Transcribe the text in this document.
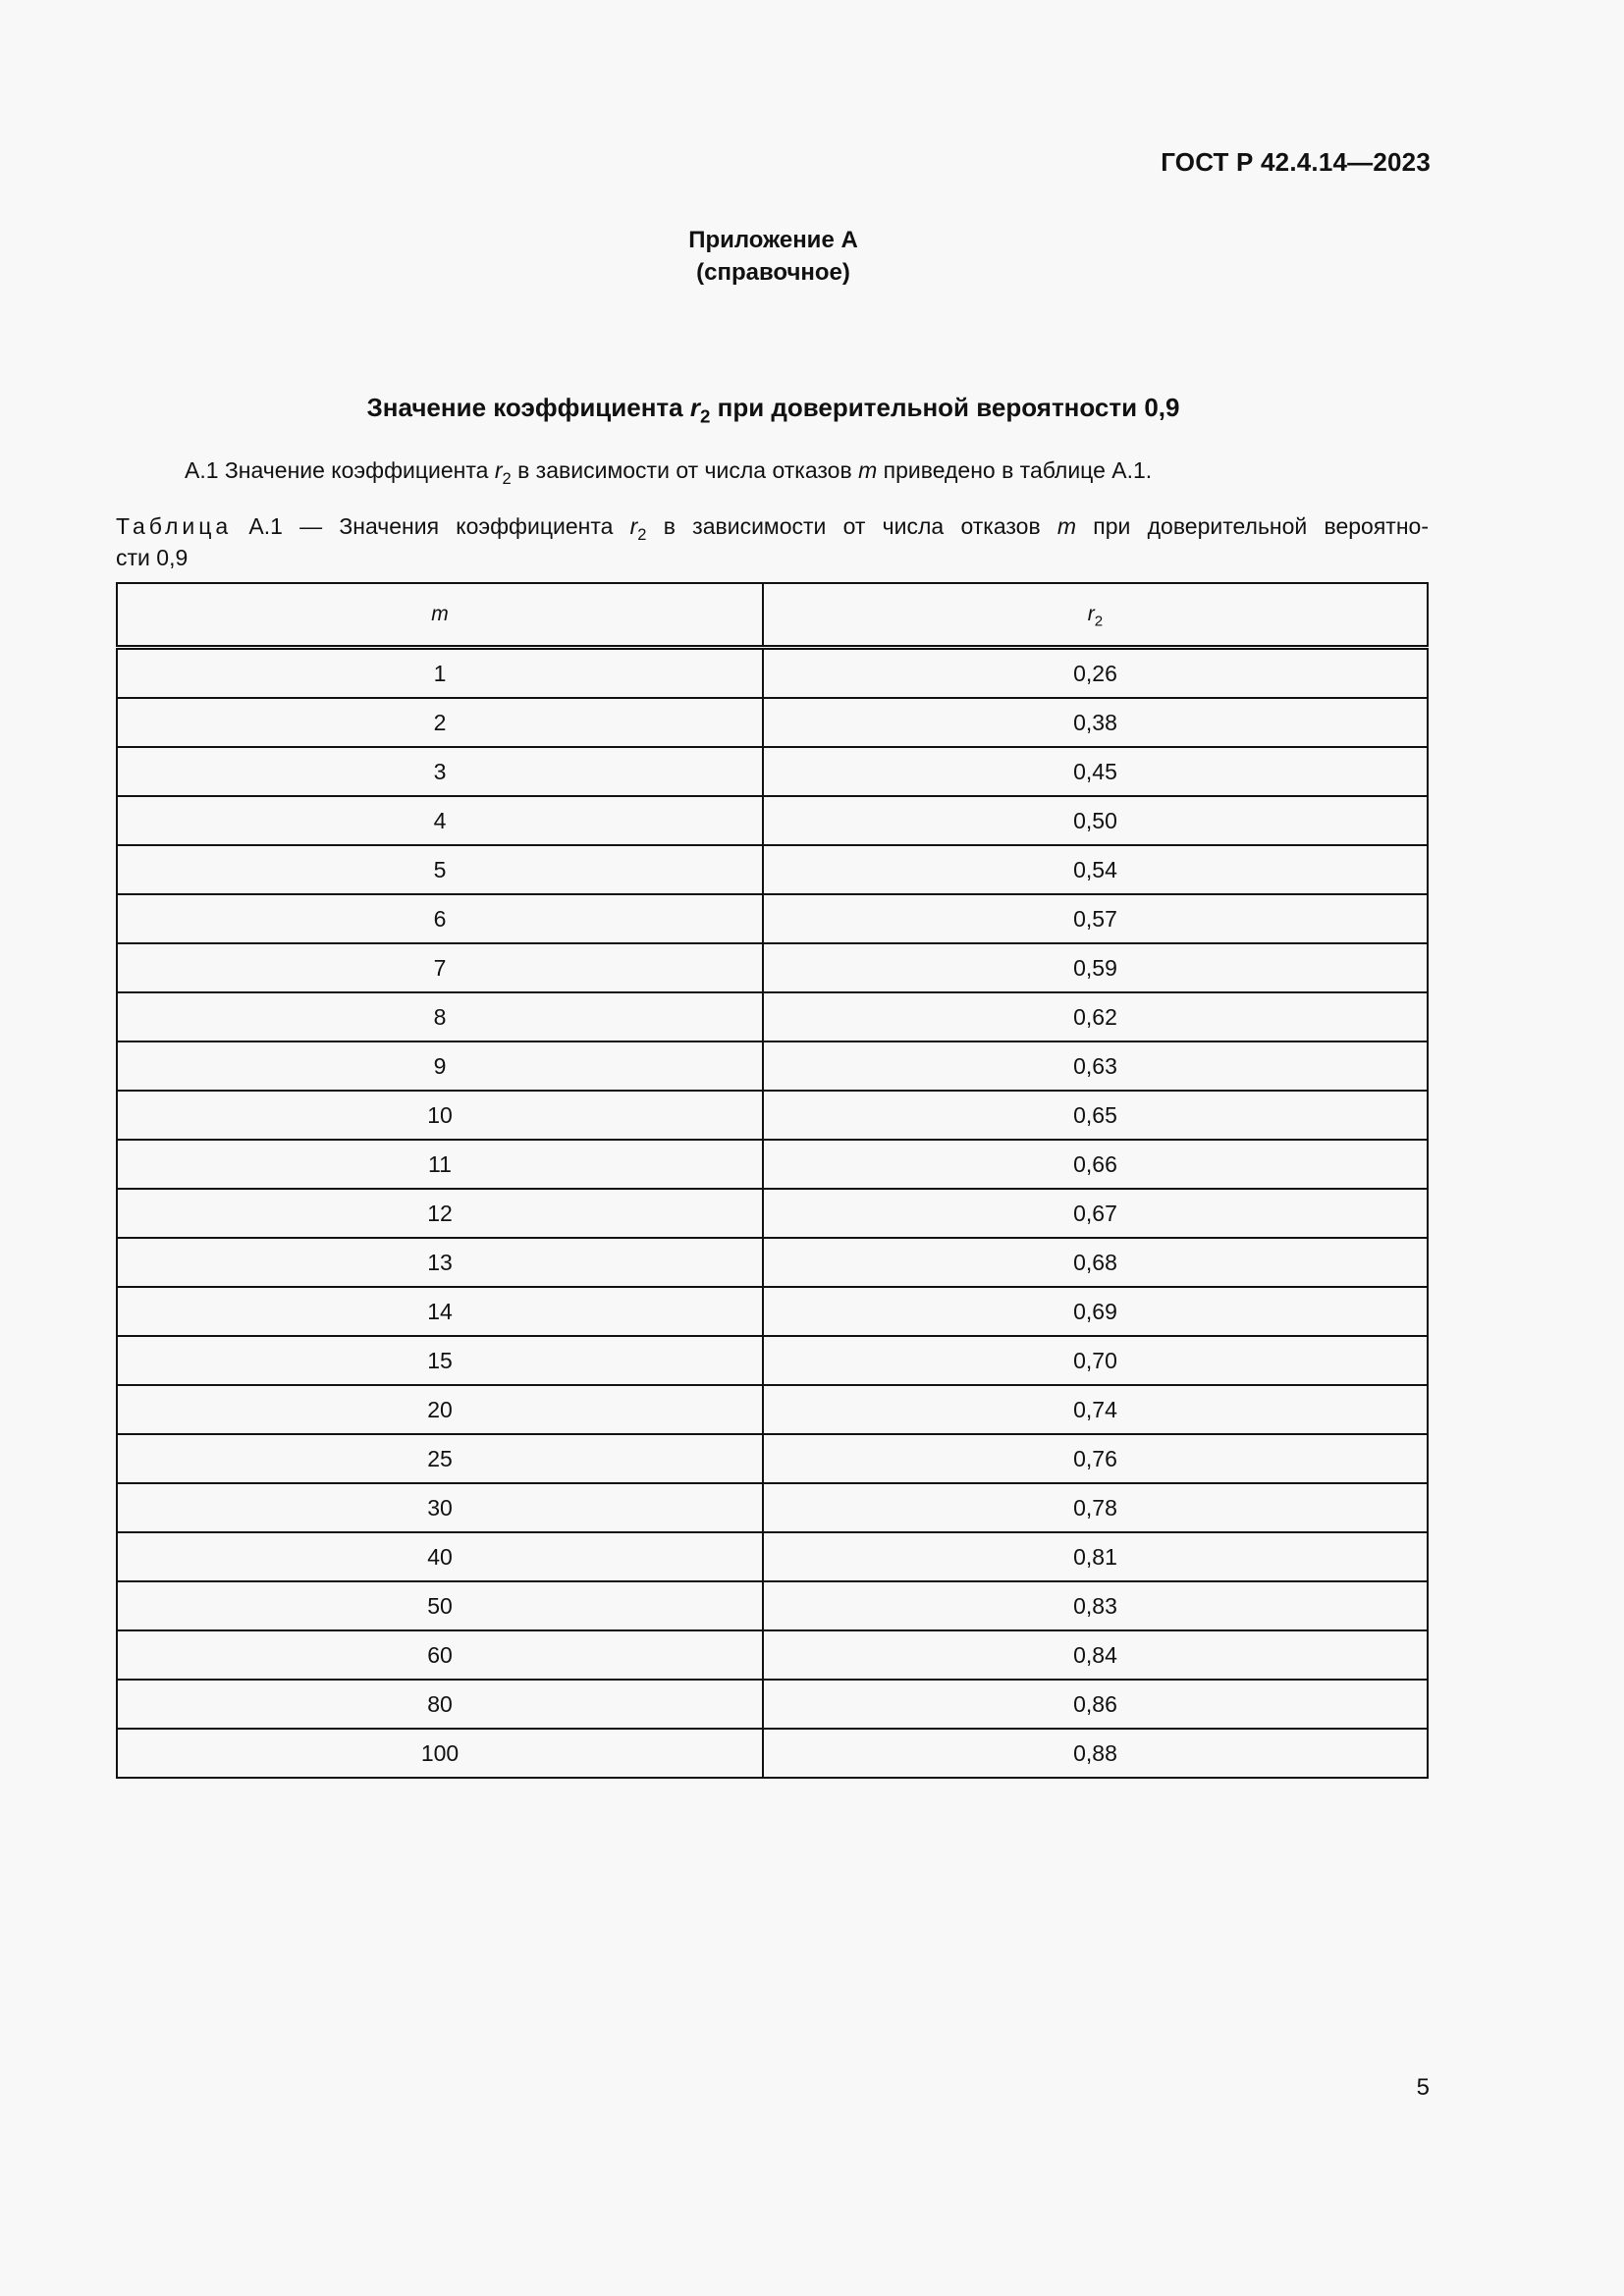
ГОСТ Р 42.4.14—2023
Приложение А
(справочное)
Значение коэффициента $r_2$ при доверительной вероятности 0,9
А.1 Значение коэффициента $r_2$ в зависимости от числа отказов m приведено в таблице А.1.
Таблица А.1 — Значения коэффициента $r_2$ в зависимости от числа отказов m при доверительной вероятно-
сти 0,9
m	$r_2$
1	0,26
2	0,38
3	0,45
4	0,50
5	0,54
6	0,57
7	0,59
8	0,62
9	0,63
10	0,65
11	0,66
12	0,67
13	0,68
14	0,69
15	0,70
20	0,74
25	0,76
30	0,78
40	0,81
50	0,83
60	0,84
80	0,86
100	0,88
5
